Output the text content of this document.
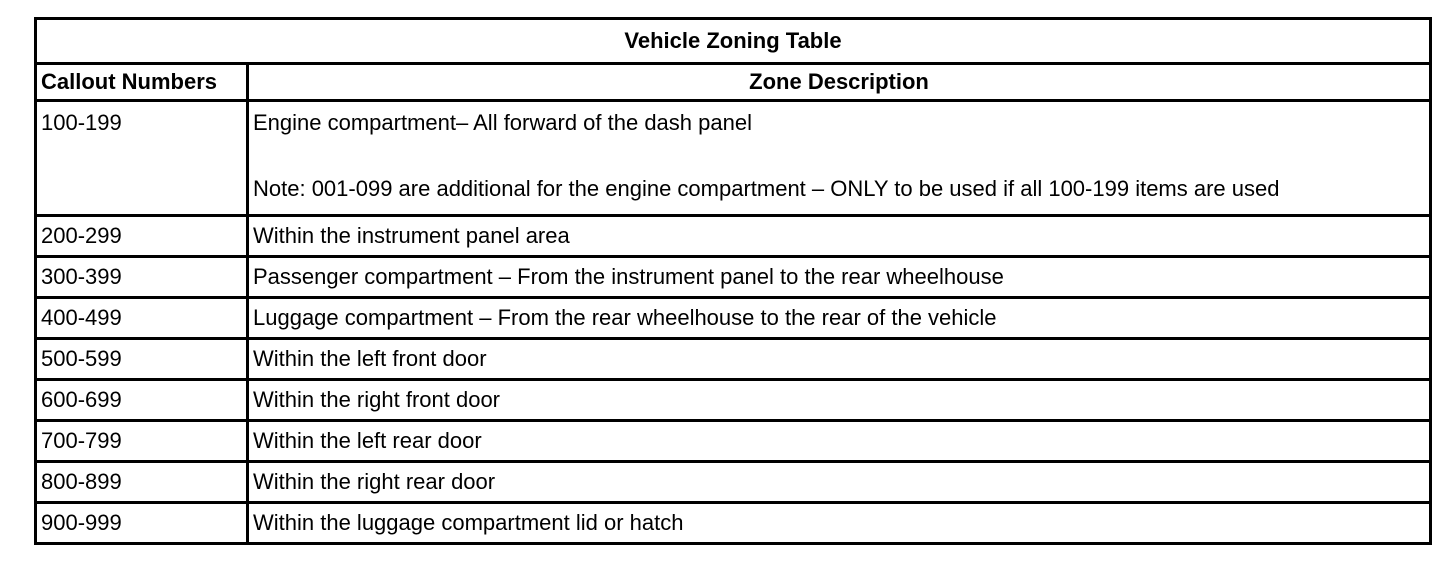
Vehicle Zoning Table	
Callout Numbers	Zone Description
100-199	Engine compartment– All forward of the dash panel
Note: 001-099 are additional for the engine compartment – ONLY to be used if all 100-199 items are used

200-299	Within the instrument panel area
300-399	Passenger compartment – From the instrument panel to the rear wheelhouse
400-499	Luggage compartment – From the rear wheelhouse to the rear of the vehicle
500-599	Within the left front door
600-699	Within the right front door
700-799	Within the left rear door
800-899	Within the right rear door
900-999	Within the luggage compartment lid or hatch
